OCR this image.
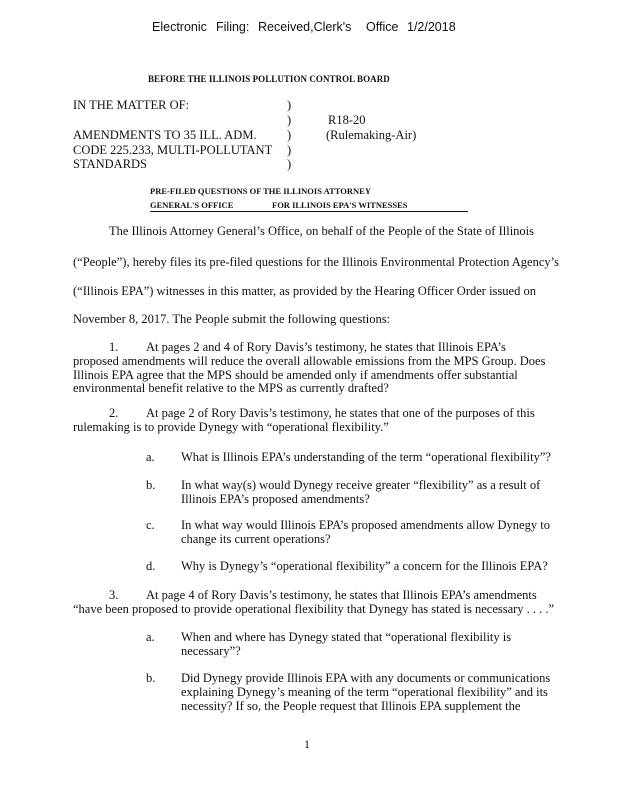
Electronic Filing: Received,Clerk's Office 1/2/2018
BEFORE THE ILLINOIS POLLUTION CONTROL BOARD
IN THE MATTER OF:
AMENDMENTS TO 35 ILL. ADM.
CODE 225.233, MULTI-POLLUTANT
STANDARDS
)
)
)
)
)
R18-20
(Rulemaking-Air)
PRE-FILED QUESTIONS OF THE ILLINOIS ATTORNEY
GENERAL'S OFFICE	FOR ILLINOIS EPA'S WITNESSES
The Illinois Attorney General’s Office, on behalf of the People of the State of Illinois
(“People”), hereby files its pre-filed questions for the Illinois Environmental Protection Agency’s
(“Illinois EPA”) witnesses in this matter, as provided by the Hearing Officer Order issued on
November 8, 2017. The People submit the following questions:
1. At pages 2 and 4 of Rory Davis’s testimony, he states that Illinois EPA’s
proposed amendments will reduce the overall allowable emissions from the MPS Group. Does
Illinois EPA agree that the MPS should be amended only if amendments offer substantial
environmental benefit relative to the MPS as currently drafted?
2. At page 2 of Rory Davis’s testimony, he states that one of the purposes of this
rulemaking is to provide Dynegy with “operational flexibility.”
a. What is Illinois EPA’s understanding of the term “operational flexibility”?
b. In what way(s) would Dynegy receive greater “flexibility” as a result of
Illinois EPA’s proposed amendments?
c. In what way would Illinois EPA’s proposed amendments allow Dynegy to
change its current operations?
d. Why is Dynegy’s “operational flexibility” a concern for the Illinois EPA?
3. At page 4 of Rory Davis’s testimony, he states that Illinois EPA’s amendments
“have been proposed to provide operational flexibility that Dynegy has stated is necessary . . . .”
a. When and where has Dynegy stated that “operational flexibility is
necessary”?
b. Did Dynegy provide Illinois EPA with any documents or communications
explaining Dynegy’s meaning of the term “operational flexibility” and its
necessity? If so, the People request that Illinois EPA supplement the
1
